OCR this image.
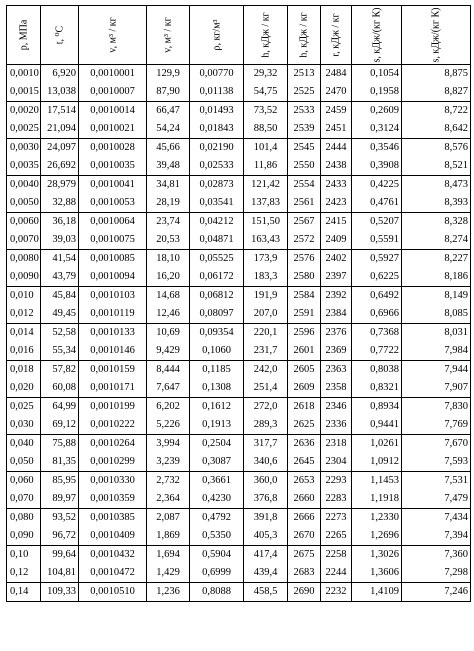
p, МПа	t, ⁰C	v, м³ / кг	v, м³ / кг	ρ, кг/м³	h, кДж / кг	h, кДж / кг	r, кДж / кг	s, кДж/(кг К)	s, кДж/(кг К)

0,0010	6,920	0,0010001	129,9	0,00770	29,32	2513	2484	0,1054	8,875
0,0015	13,038	0,0010007	87,90	0,01138	54,75	2525	2470	0,1958	8,827
0,0020	17,514	0,0010014	66,47	0,01493	73,52	2533	2459	0,2609	8,722
0,0025	21,094	0,0010021	54,24	0,01843	88,50	2539	2451	0,3124	8,642
0,0030	24,097	0,0010028	45,66	0,02190	101,4	2545	2444	0,3546	8,576
0,0035	26,692	0,0010035	39,48	0,02533	11,86	2550	2438	0,3908	8,521
0,0040	28,979	0,0010041	34,81	0,02873	121,42	2554	2433	0,4225	8,473
0,0050	32,88	0,0010053	28,19	0,03541	137,83	2561	2423	0,4761	8,393
0,0060	36,18	0,0010064	23,74	0,04212	151,50	2567	2415	0,5207	8,328
0,0070	39,03	0,0010075	20,53	0,04871	163,43	2572	2409	0,5591	8,274
0,0080	41,54	0,0010085	18,10	0,05525	173,9	2576	2402	0,5927	8,227
0,0090	43,79	0,0010094	16,20	0,06172	183,3	2580	2397	0,6225	8,186
0,010	45,84	0,0010103	14,68	0,06812	191,9	2584	2392	0,6492	8,149
0,012	49,45	0,0010119	12,46	0,08097	207,0	2591	2384	0,6966	8,085
0,014	52,58	0,0010133	10,69	0,09354	220,1	2596	2376	0,7368	8,031
0,016	55,34	0,0010146	9,429	0,1060	231,7	2601	2369	0,7722	7,984
0,018	57,82	0,0010159	8,444	0,1185	242,0	2605	2363	0,8038	7,944
0,020	60,08	0,0010171	7,647	0,1308	251,4	2609	2358	0,8321	7,907
0,025	64,99	0,0010199	6,202	0,1612	272,0	2618	2346	0,8934	7,830
0,030	69,12	0,0010222	5,226	0,1913	289,3	2625	2336	0,9441	7,769
0,040	75,88	0,0010264	3,994	0,2504	317,7	2636	2318	1,0261	7,670
0,050	81,35	0,0010299	3,239	0,3087	340,6	2645	2304	1,0912	7,593
0,060	85,95	0,0010330	2,732	0,3661	360,0	2653	2293	1,1453	7,531
0,070	89,97	0,0010359	2,364	0,4230	376,8	2660	2283	1,1918	7,479
0,080	93,52	0,0010385	2,087	0,4792	391,8	2666	2273	1,2330	7,434
0,090	96,72	0,0010409	1,869	0,5350	405,3	2670	2265	1,2696	7,394
0,10	99,64	0,0010432	1,694	0,5904	417,4	2675	2258	1,3026	7,360
0,12	104,81	0,0010472	1,429	0,6999	439,4	2683	2244	1,3606	7,298
0,14	109,33	0,0010510	1,236	0,8088	458,5	2690	2232	1,4109	7,246
